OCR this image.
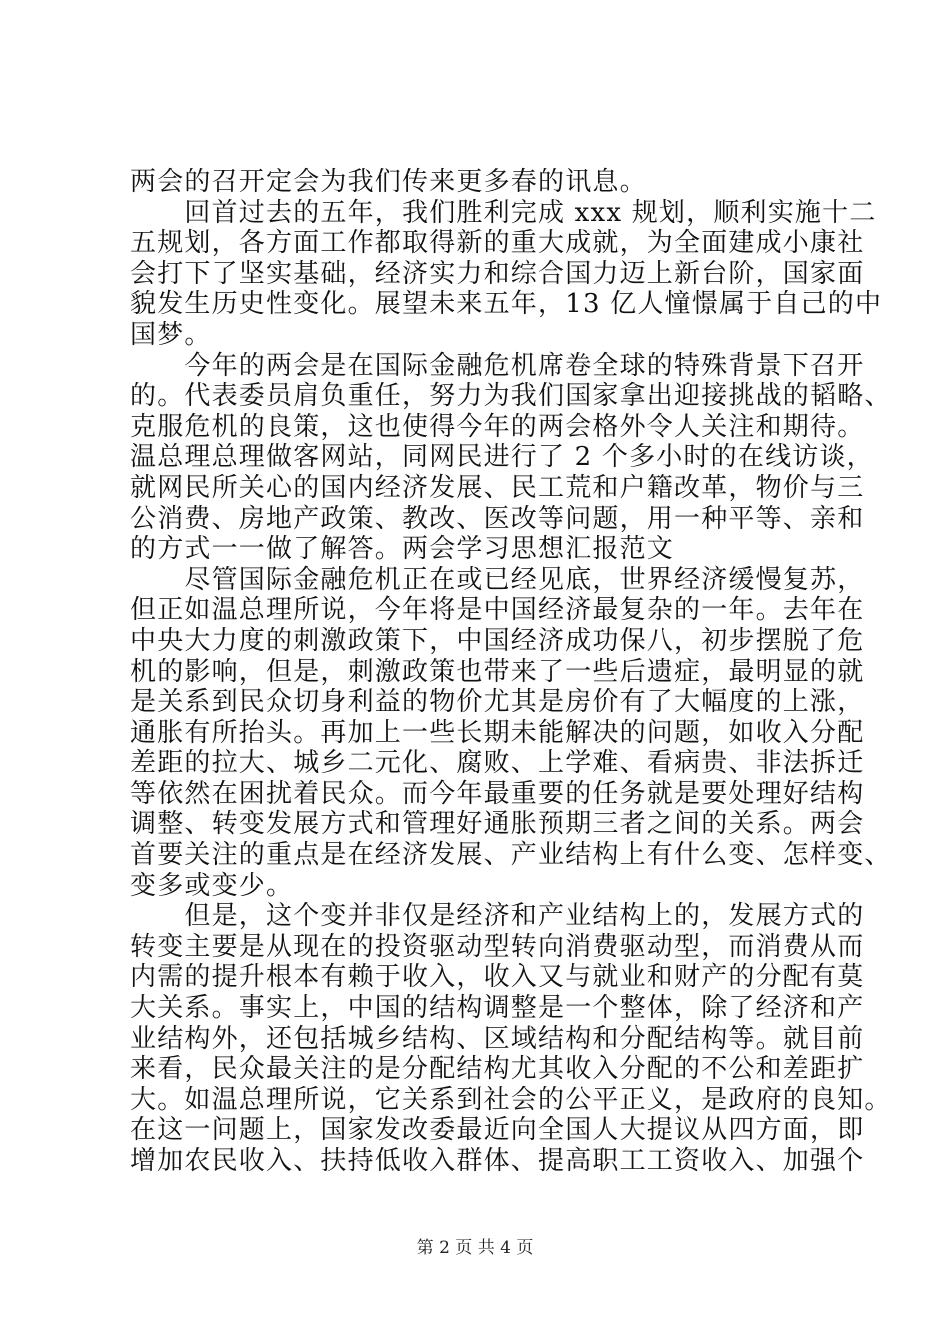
两会的召开定会为我们传来更多春的讯息。
　　回首过去的五年，我们胜利完成 xxx 规划，顺利实施十二
五规划，各方面工作都取得新的重大成就，为全面建成小康社
会打下了坚实基础，经济实力和综合国力迈上新台阶，国家面
貌发生历史性变化。展望未来五年，13 亿人憧憬属于自己的中
国梦。
　　今年的两会是在国际金融危机席卷全球的特殊背景下召开
的。代表委员肩负重任，努力为我们国家拿出迎接挑战的韬略、
克服危机的良策，这也使得今年的两会格外令人关注和期待。
温总理总理做客网站，同网民进行了 2 个多小时的在线访谈，
就网民所关心的国内经济发展、民工荒和户籍改革，物价与三
公消费、房地产政策、教改、医改等问题，用一种平等、亲和
的方式一一做了解答。两会学习思想汇报范文
　　尽管国际金融危机正在或已经见底，世界经济缓慢复苏，
但正如温总理所说，今年将是中国经济最复杂的一年。去年在
中央大力度的刺激政策下，中国经济成功保八，初步摆脱了危
机的影响，但是，刺激政策也带来了一些后遗症，最明显的就
是关系到民众切身利益的物价尤其是房价有了大幅度的上涨，
通胀有所抬头。再加上一些长期未能解决的问题，如收入分配
差距的拉大、城乡二元化、腐败、上学难、看病贵、非法拆迁
等依然在困扰着民众。而今年最重要的任务就是要处理好结构
调整、转变发展方式和管理好通胀预期三者之间的关系。两会
首要关注的重点是在经济发展、产业结构上有什么变、怎样变、
变多或变少。
　　但是，这个变并非仅是经济和产业结构上的，发展方式的
转变主要是从现在的投资驱动型转向消费驱动型，而消费从而
内需的提升根本有赖于收入，收入又与就业和财产的分配有莫
大关系。事实上，中国的结构调整是一个整体，除了经济和产
业结构外，还包括城乡结构、区域结构和分配结构等。就目前
来看，民众最关注的是分配结构尤其收入分配的不公和差距扩
大。如温总理所说，它关系到社会的公平正义，是政府的良知。
在这一问题上，国家发改委最近向全国人大提议从四方面，即
增加农民收入、扶持低收入群体、提高职工工资收入、加强个
第 2 页 共 4 页
